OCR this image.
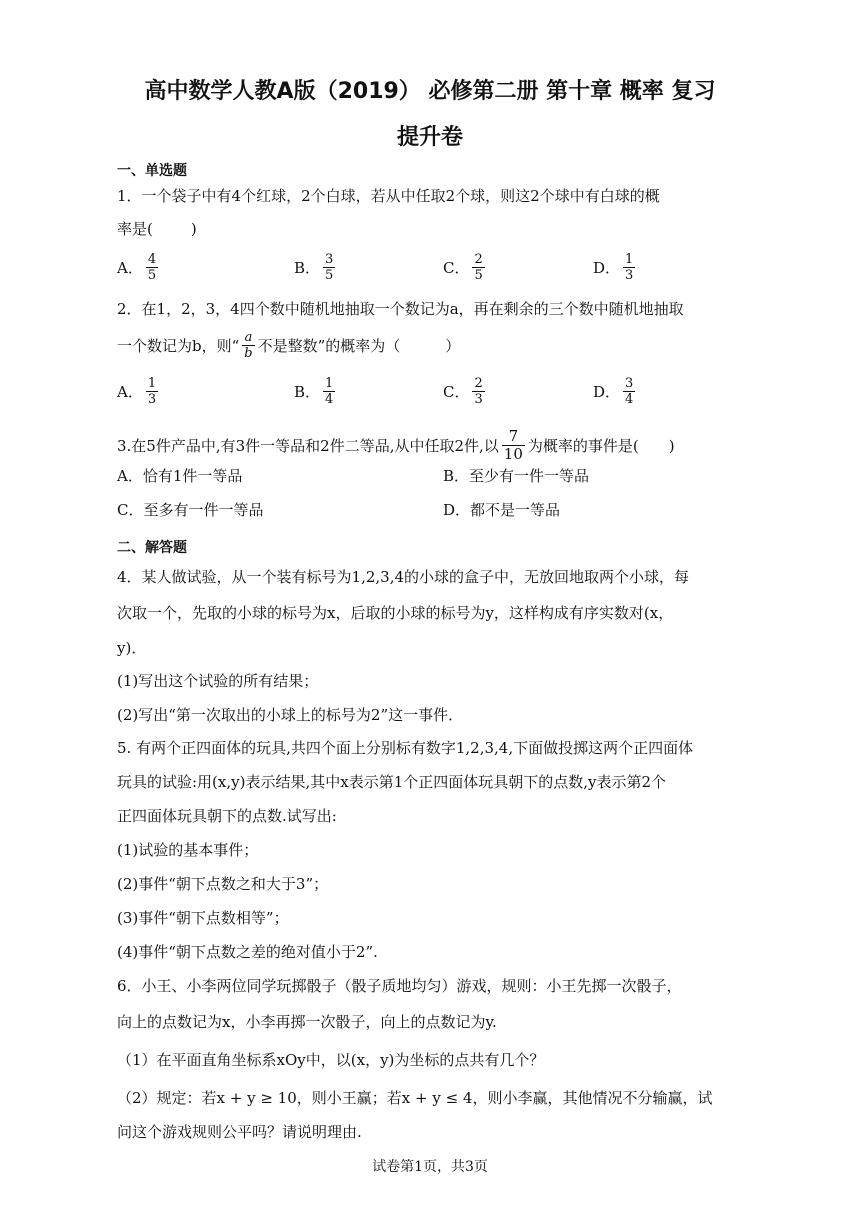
高中数学人教A版（2019） 必修第二册 第十章 概率 复习
提升卷
一、单选题
1．一个袋子中有4个红球，2个白球，若从中任取2个球，则这2个球中有白球的概
率是(	)
A． $\frac{4}{5}$	B． $\frac{3}{5}$	C． $\frac{2}{5}$	D． $\frac{1}{3}$
2．在1，2，3，4四个数中随机地抽取一个数记为a，再在剩余的三个数中随机地抽取
一个数记为b，则“ $\frac{a}{b}$ 不是整数”的概率为（　　　）
A． $\frac{1}{3}$	B． $\frac{1}{4}$	C． $\frac{2}{3}$	D． $\frac{3}{4}$
3.在5件产品中,有3件一等品和2件二等品,从中任取2件,以 $\frac{7}{10}$ 为概率的事件是(　　)
A．恰有1件一等品	B．至少有一件一等品
C．至多有一件一等品	D．都不是一等品
二、解答题
4．某人做试验，从一个装有标号为1,2,3,4的小球的盒子中，无放回地取两个小球，每
次取一个，先取的小球的标号为x，后取的小球的标号为y，这样构成有序实数对(x，
y)．
(1)写出这个试验的所有结果；
(2)写出“第一次取出的小球上的标号为2”这一事件．
5. 有两个正四面体的玩具,共四个面上分别标有数字1,2,3,4,下面做投掷这两个正四面体
玩具的试验:用(x,y)表示结果,其中x表示第1个正四面体玩具朝下的点数,y表示第2个
正四面体玩具朝下的点数.试写出:
(1)试验的基本事件；
(2)事件“朝下点数之和大于3”；
(3)事件“朝下点数相等”；
(4)事件“朝下点数之差的绝对值小于2”.
6．小王、小李两位同学玩掷骰子（骰子质地均匀）游戏，规则：小王先掷一次骰子，
向上的点数记为x，小李再掷一次骰子，向上的点数记为y.
（1）在平面直角坐标系xOy中，以(x，y)为坐标的点共有几个？
（2）规定：若x + y ≥ 10，则小王赢；若x + y ≤ 4，则小李赢，其他情况不分输赢，试
问这个游戏规则公平吗？请说明理由.
试卷第1页，共3页
